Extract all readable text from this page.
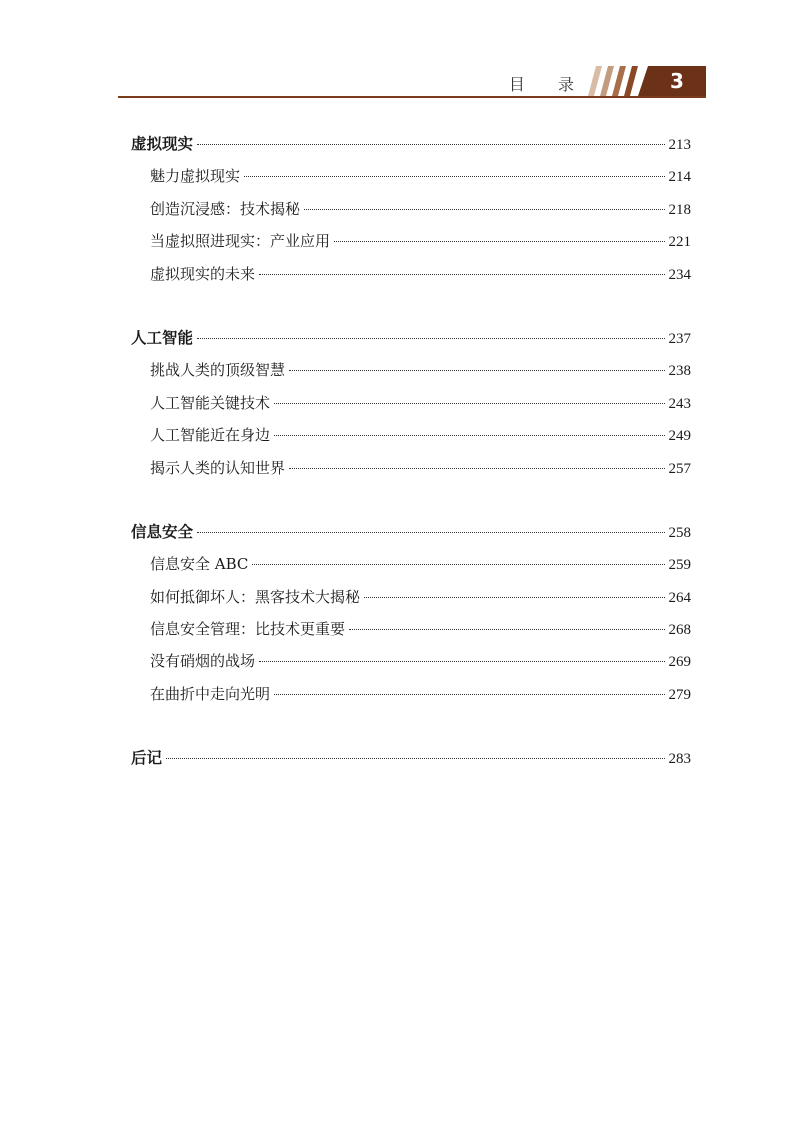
目 录	3
虚拟现实	213
魅力虚拟现实	214
创造沉浸感：技术揭秘	218
当虚拟照进现实：产业应用	221
虚拟现实的未来	234
人工智能	237
挑战人类的顶级智慧	238
人工智能关键技术	243
人工智能近在身边	249
揭示人类的认知世界	257
信息安全	258
信息安全 ABC	259
如何抵御坏人：黑客技术大揭秘	264
信息安全管理：比技术更重要	268
没有硝烟的战场	269
在曲折中走向光明	279
后记	283
